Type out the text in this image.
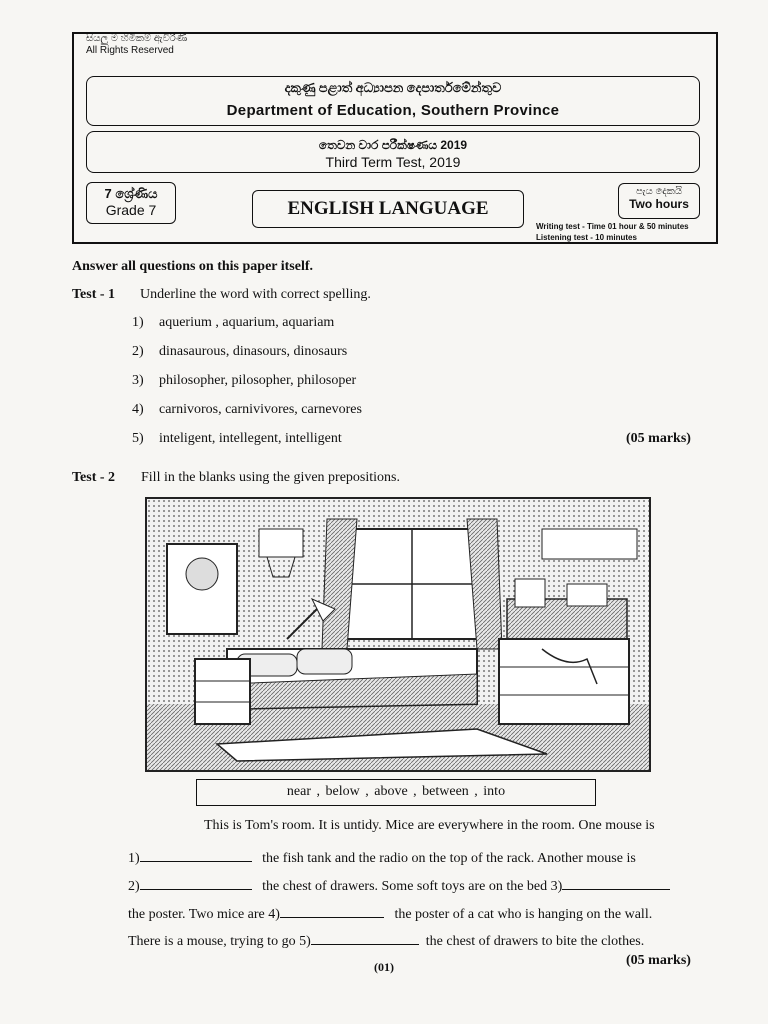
සියලු ම හිමිකම් ඇවිරිණි
All Rights Reserved
දකුණු පළාත් අධ්‍යාපන දෙපාර්තමේන්තුව
Department of Education, Southern Province
තෙවන වාර පරීක්ෂණය 2019
Third Term Test, 2019
7 ශ්‍රේණිය
Grade 7	ENGLISH LANGUAGE
පැය දෙකයි
Two hours
Writing test - Time 01 hour & 50 minutes
Listening test - 10 minutes
Answer all questions on this paper itself.
Test - 1 Underline the word with correct spelling.
1) aquerium , aquarium, aquariam
2) dinasaurous, dinasours, dinosaurs
3) philosopher, pilosopher, philosoper
4) carnivoros, carnivivores, carnevores
5) inteligent, intellegent, intelligent	(05 marks)
Test - 2 Fill in the blanks using the given prepositions.
near , below , above , between , into
This is Tom's room. It is untidy. Mice are everywhere in the room. One mouse is
1)	the fish tank and the radio on the top of the rack. Another mouse is
2)	the chest of drawers. Some soft toys are on the bed 3)
the poster. Two mice are 4)	the poster of a cat who is hanging on the wall.
There is a mouse, trying to go 5)	the chest of drawers to bite the clothes.
(05 marks)
(01)
